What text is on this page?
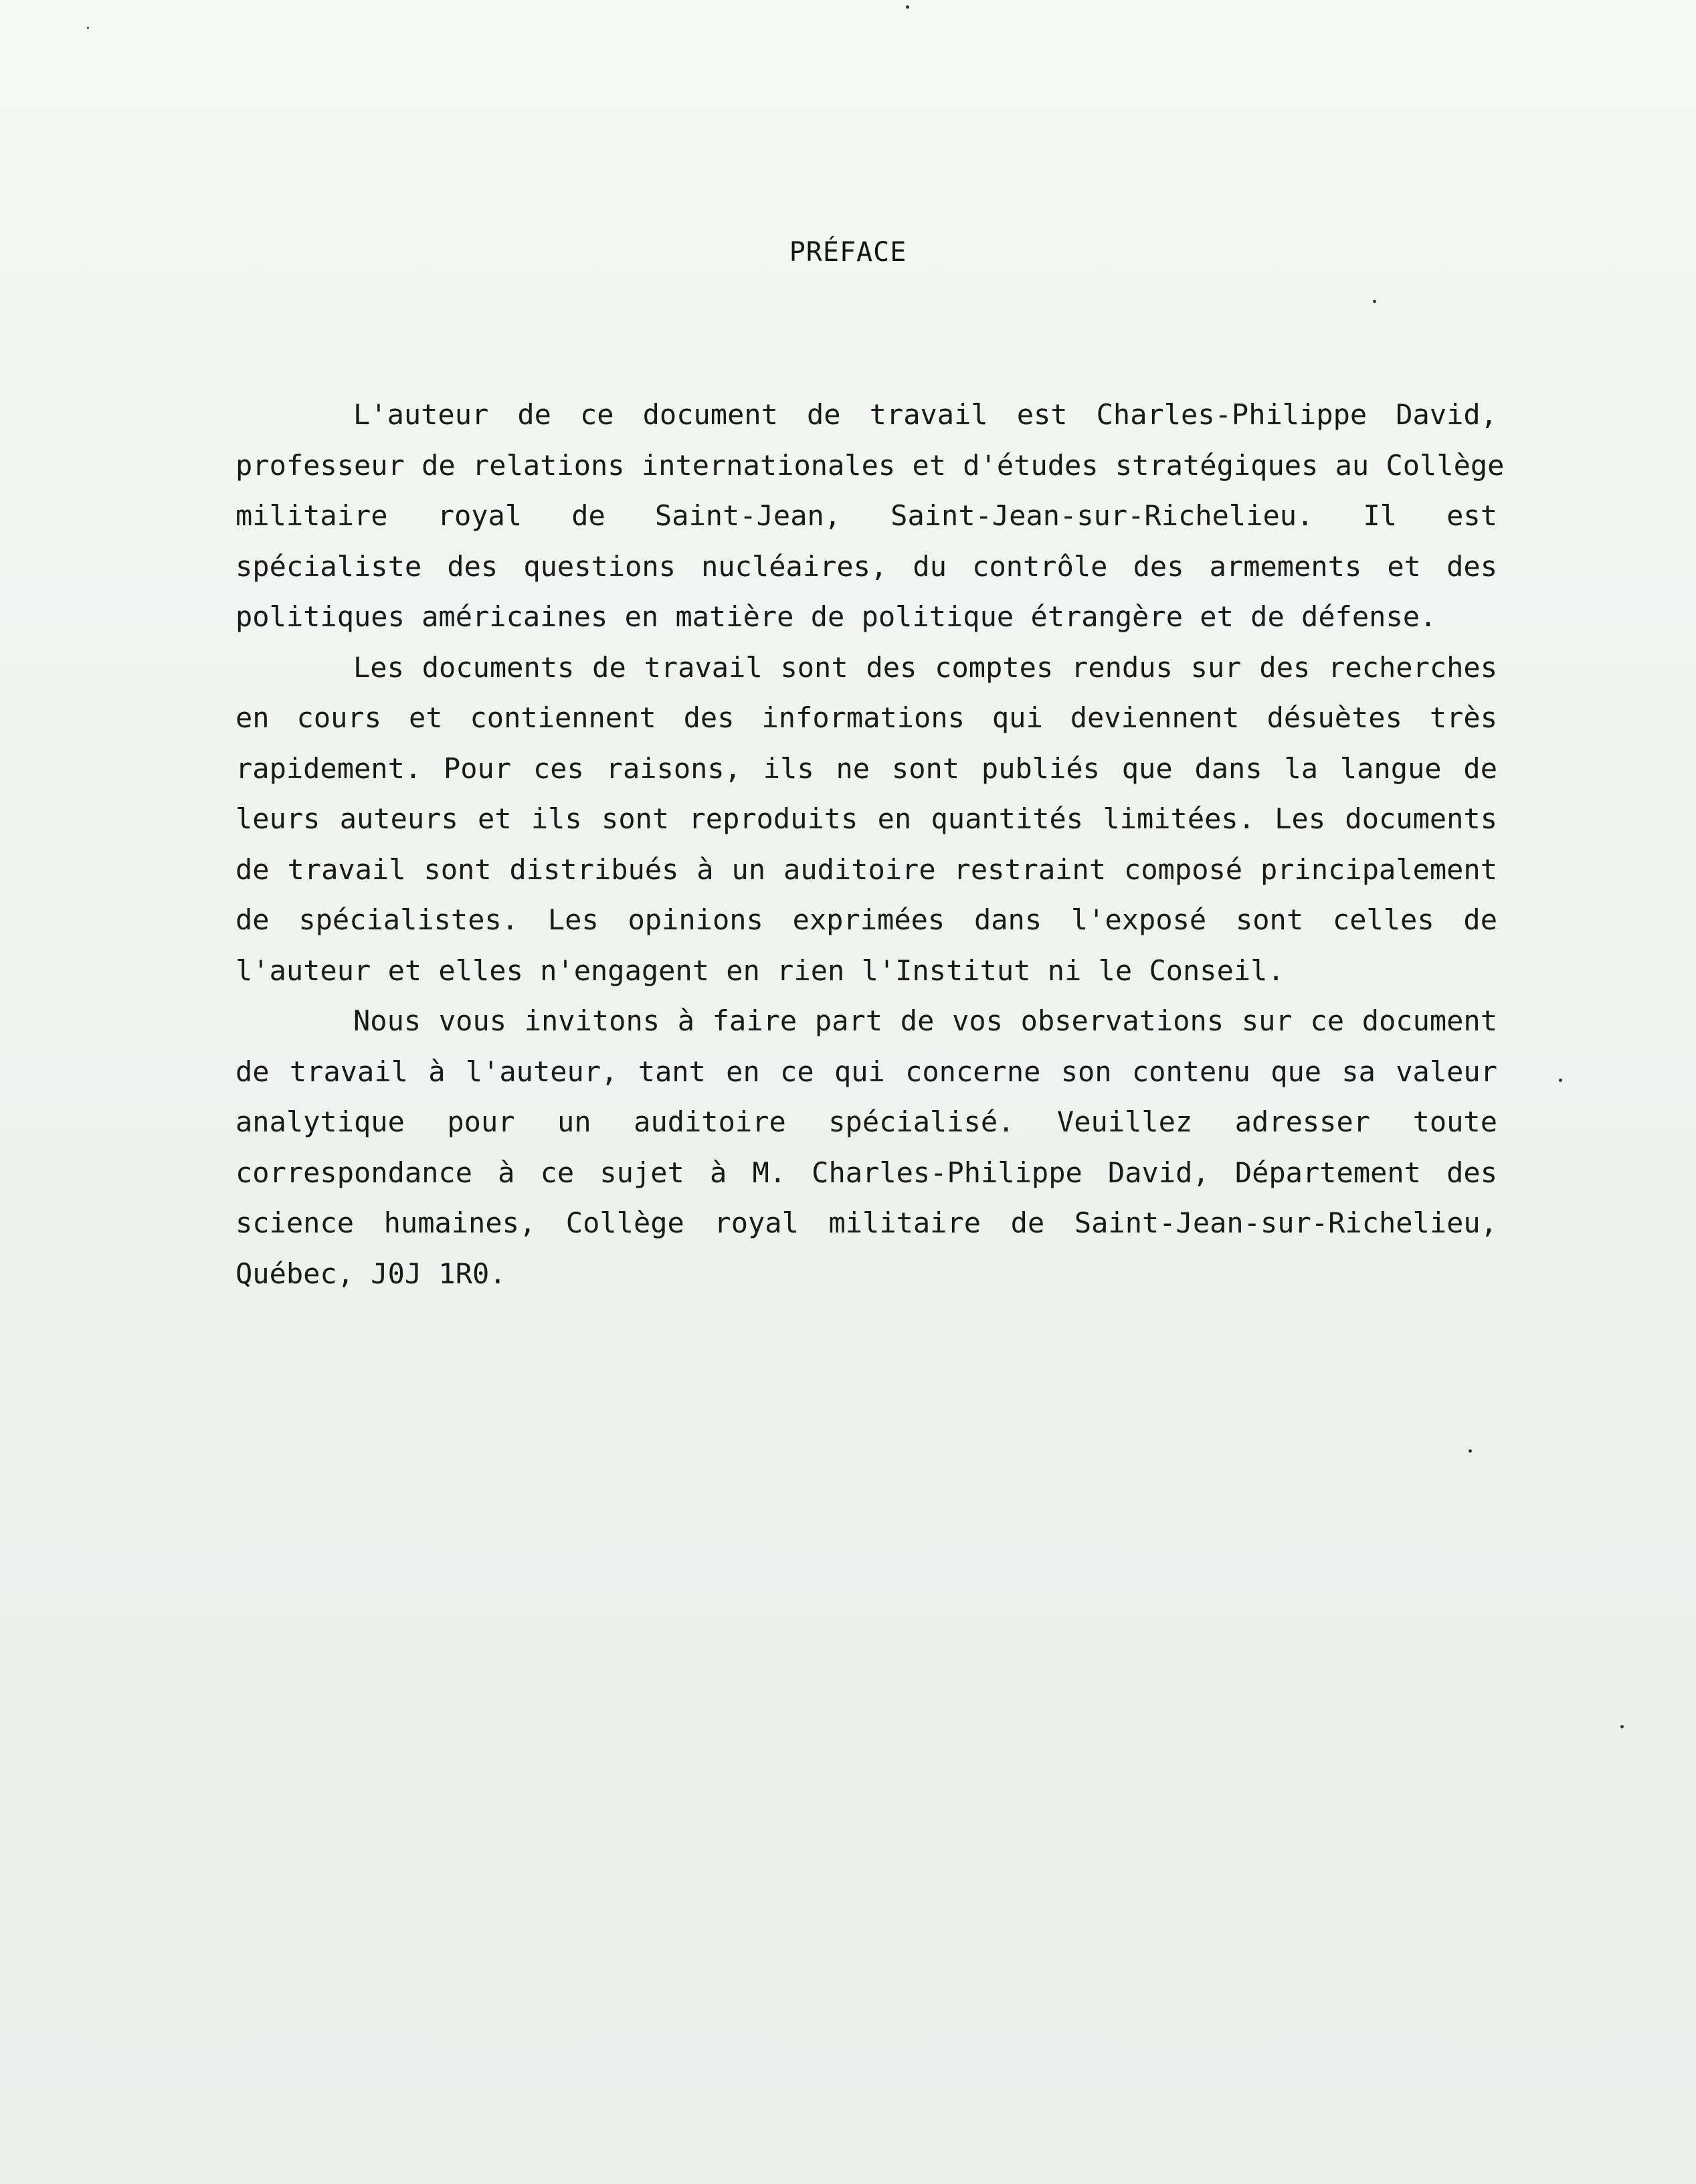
PRÉFACE

L'auteur de ce document de travail est Charles-Philippe David,
professeur de relations internationales et d'études stratégiques au Collège
militaire royal de Saint-Jean, Saint-Jean-sur-Richelieu. Il est
spécialiste des questions nucléaires, du contrôle des armements et des
politiques américaines en matière de politique étrangère et de défense.

Les documents de travail sont des comptes rendus sur des recherches
en cours et contiennent des informations qui deviennent désuètes très
rapidement. Pour ces raisons, ils ne sont publiés que dans la langue de
leurs auteurs et ils sont reproduits en quantités limitées. Les documents
de travail sont distribués à un auditoire restraint composé principalement
de spécialistes. Les opinions exprimées dans l'exposé sont celles de
l'auteur et elles n'engagent en rien l'Institut ni le Conseil.

Nous vous invitons à faire part de vos observations sur ce document
de travail à l'auteur, tant en ce qui concerne son contenu que sa valeur
analytique pour un auditoire spécialisé. Veuillez adresser toute
correspondance à ce sujet à M. Charles-Philippe David, Département des
science humaines, Collège royal militaire de Saint-Jean-sur-Richelieu,
Québec, J0J 1R0.
